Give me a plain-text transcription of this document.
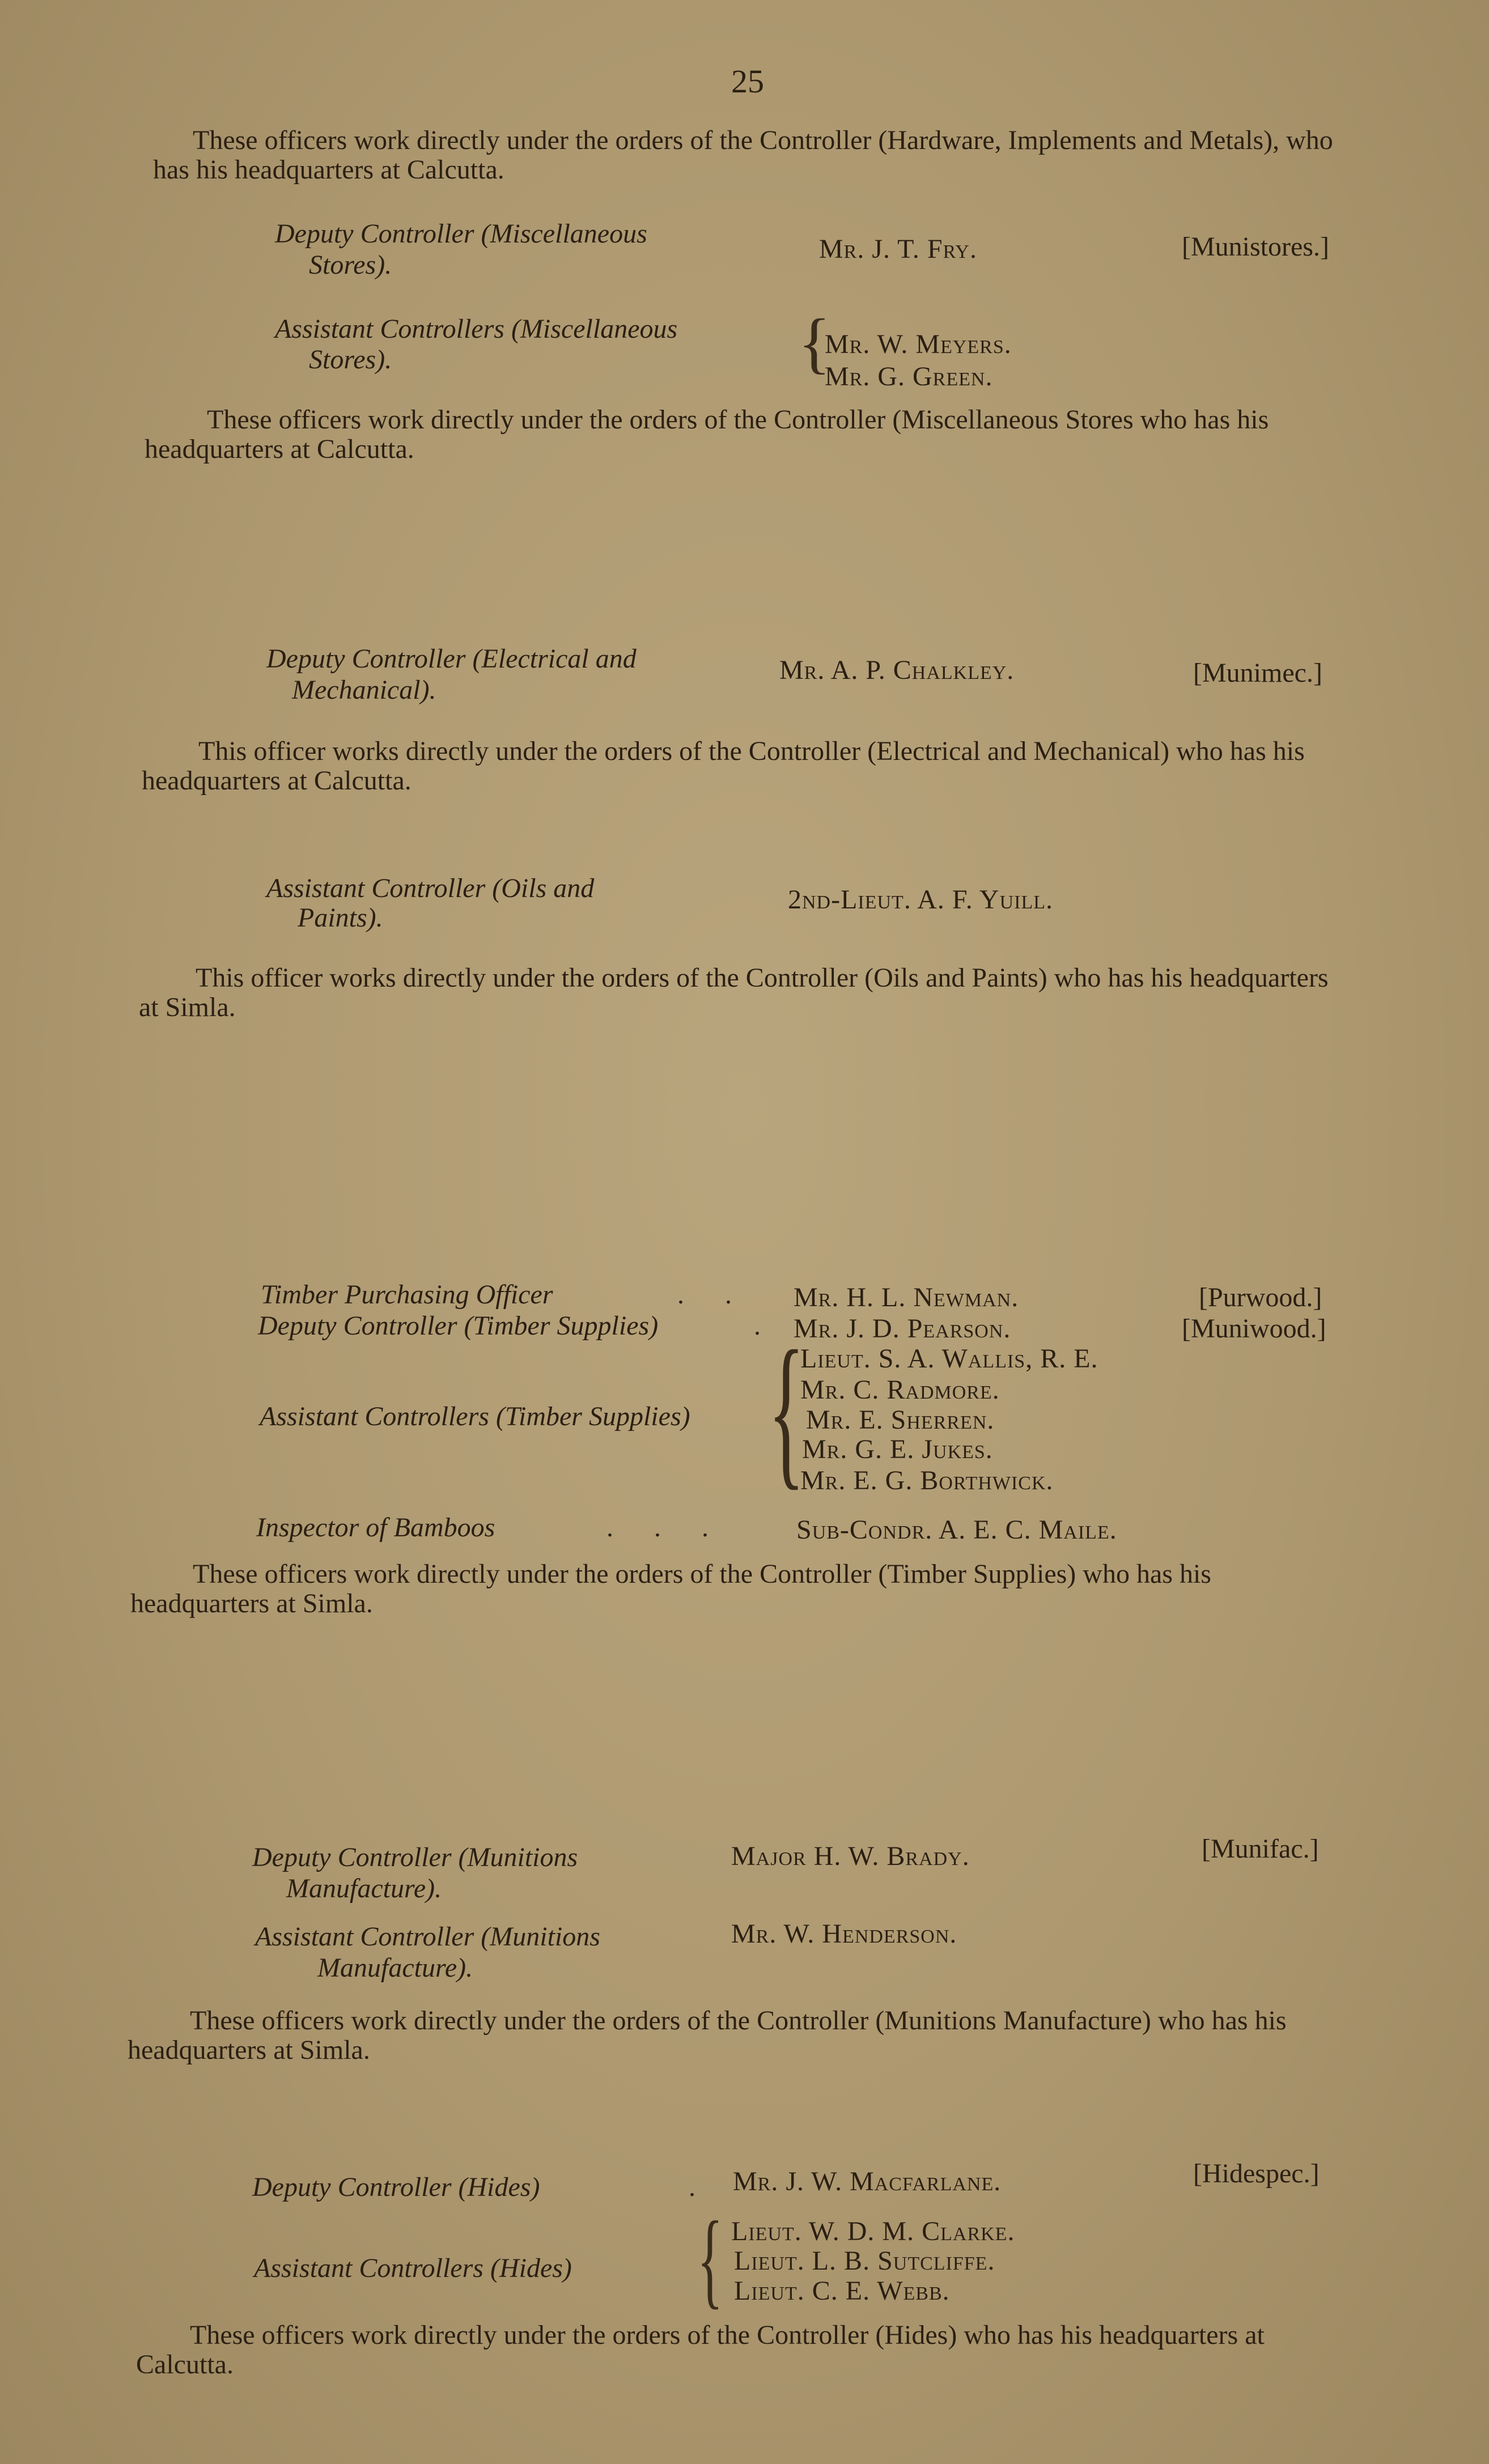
25
These officers work directly under the orders of the Controller (Hardware, Implements and Metals), who has his headquarters at Calcutta.
Deputy Controller (Miscellaneous
Stores).
Mr. J. T. Fry.	[Munistores.]
Assistant Controllers (Miscellaneous
Stores).	{
Mr. W. Meyers.
Mr. G. Green.
These officers work directly under the orders of the Controller (Miscellaneous Stores who has his headquarters at Calcutta.
Deputy Controller (Electrical and
Mechanical).
Mr. A. P. Chalkley.	[Munimec.]
This officer works directly under the orders of the Controller (Electrical and Mechanical) who has his headquarters at Calcutta.
Assistant Controller (Oils and
Paints).
2nd-Lieut. A. F. Yuill.
This officer works directly under the orders of the Controller (Oils and Paints) who has his headquarters at Simla.
Timber Purchasing Officer	.      . Mr. H. L. Newman.	[Purwood.]
Deputy Controller (Timber Supplies)	. Mr. J. D. Pearson.	[Muniwood.]
Assistant Controllers (Timber Supplies) {
Lieut. S. A. Wallis, R. E.
Mr. C. Radmore.
Mr. E. Sherren.
Mr. G. E. Jukes.
Mr. E. G. Borthwick.
Inspector of Bamboos	.      .      .	Sub-Condr. A. E. C. Maile.
These officers work directly under the orders of the Controller (Timber Supplies) who has his headquarters at Simla.
Deputy Controller (Munitions
Manufacture).
Major H. W. Brady.	[Munifac.]
Assistant Controller (Munitions
Manufacture).
Mr. W. Henderson.
These officers work directly under the orders of the Controller (Munitions Manufacture) who has his headquarters at Simla.
Deputy Controller (Hides)	. Mr. J. W. Macfarlane.	[Hidespec.]
Assistant Controllers (Hides) { Lieut. W. D. M. Clarke.
Lieut. L. B. Sutcliffe.
Lieut. C. E. Webb.
These officers work directly under the orders of the Controller (Hides) who has his headquarters at Calcutta.
